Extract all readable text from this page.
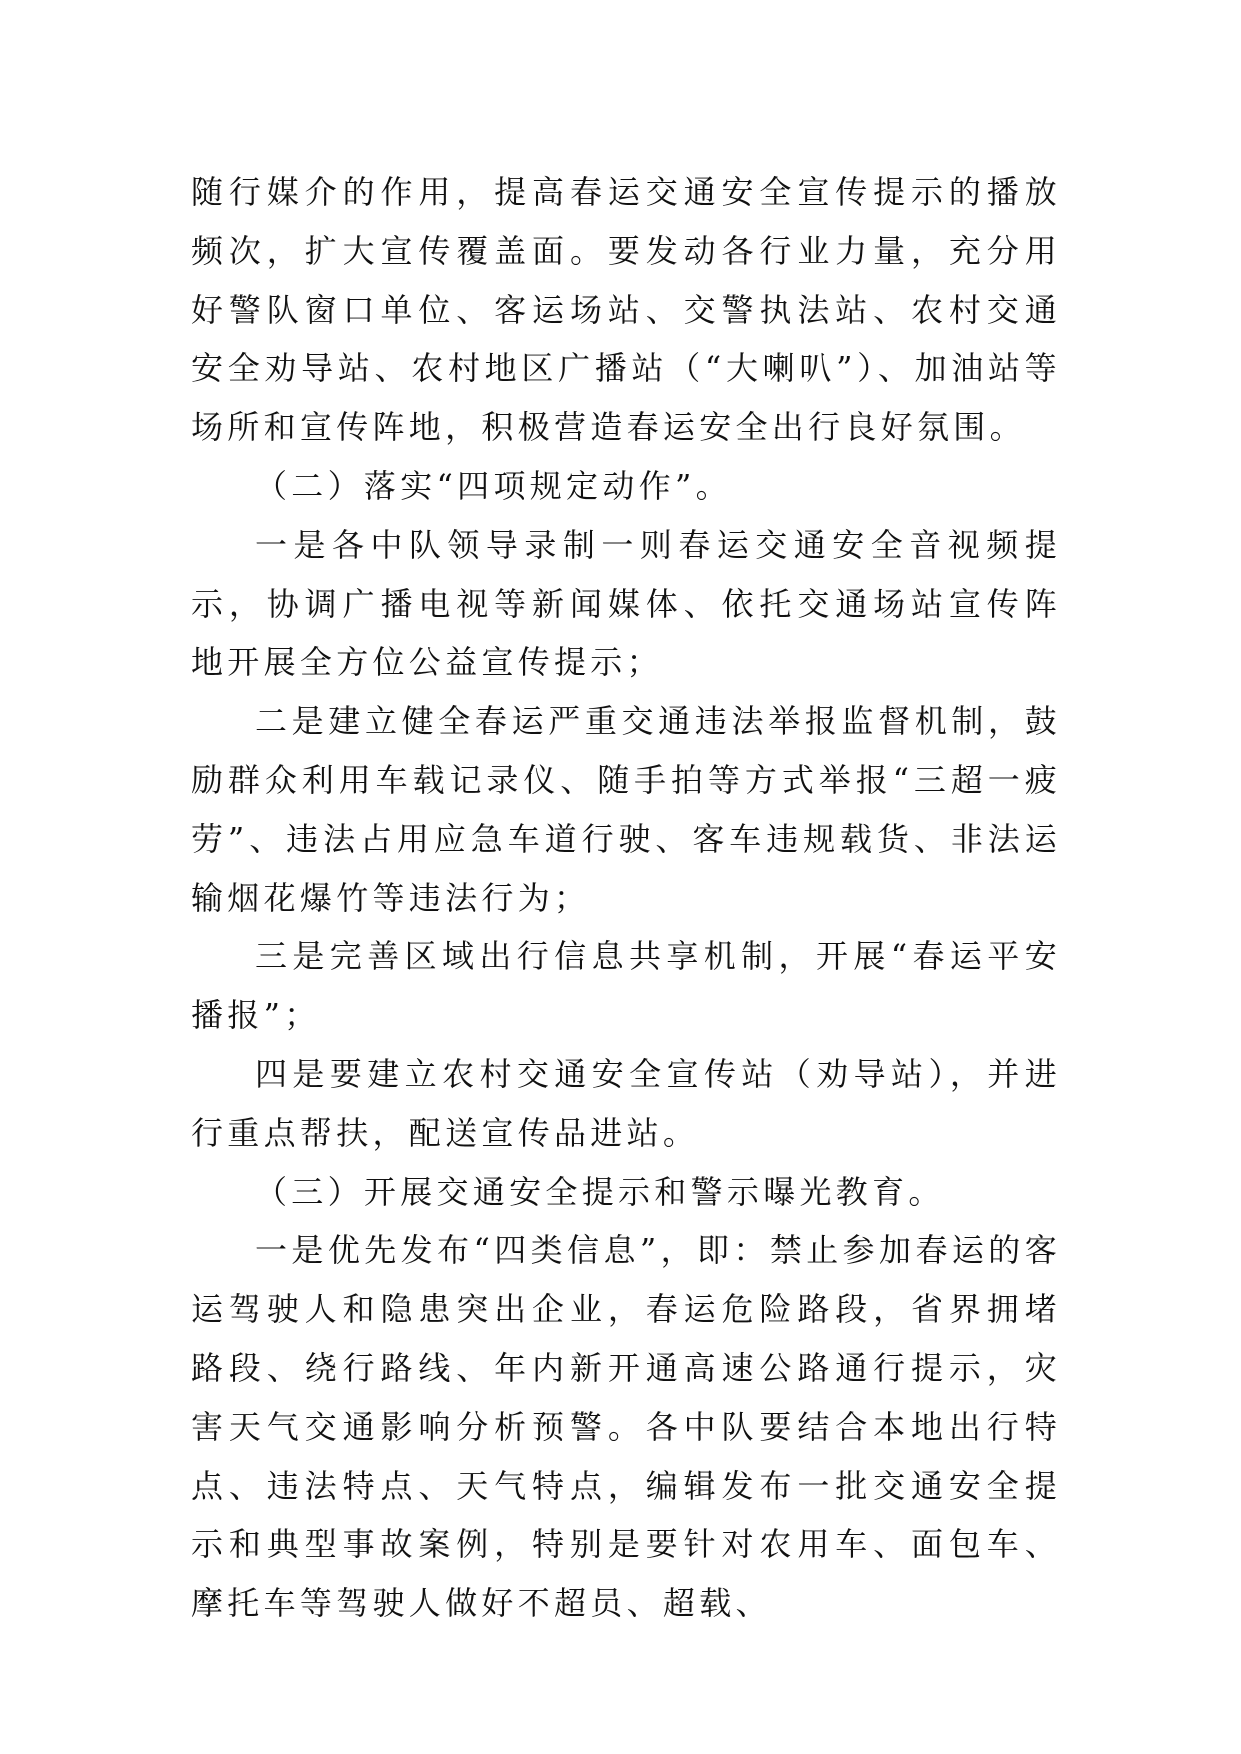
随行媒介的作用，提高春运交通安全宣传提示的播放频次，扩大宣传覆盖面。要发动各行业力量，充分用好警队窗口单位、客运场站、交警执法站、农村交通安全劝导站、农村地区广播站（“大喇叭”）、加油站等场所和宣传阵地，积极营造春运安全出行良好氛围。

（二）落实“四项规定动作”。

一是各中队领导录制一则春运交通安全音视频提示，协调广播电视等新闻媒体、依托交通场站宣传阵地开展全方位公益宣传提示；

二是建立健全春运严重交通违法举报监督机制，鼓励群众利用车载记录仪、随手拍等方式举报“三超一疲劳”、违法占用应急车道行驶、客车违规载货、非法运输烟花爆竹等违法行为；

三是完善区域出行信息共享机制，开展“春运平安播报”；

四是要建立农村交通安全宣传站（劝导站），并进行重点帮扶，配送宣传品进站。

（三）开展交通安全提示和警示曝光教育。

一是优先发布“四类信息”，即：禁止参加春运的客运驾驶人和隐患突出企业，春运危险路段，省界拥堵路段、绕行路线、年内新开通高速公路通行提示，灾害天气交通影响分析预警。各中队要结合本地出行特点、违法特点、天气特点，编辑发布一批交通安全提示和典型事故案例，特别是要针对农用车、面包车、摩托车等驾驶人做好不超员、超载、
